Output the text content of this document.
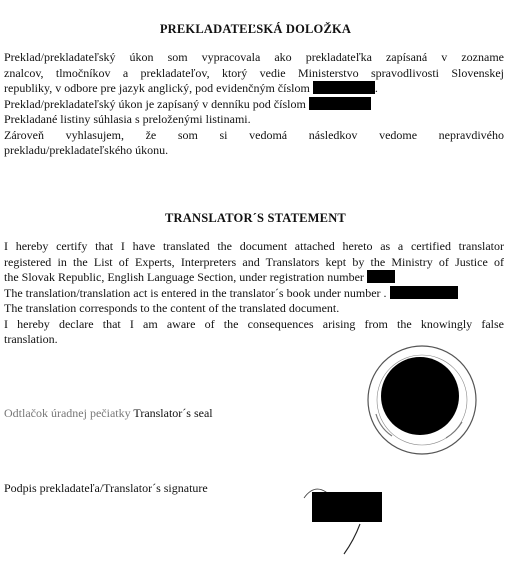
PREKLADATEĽSKÁ DOLOŽKA

Preklad/prekladateľský úkon som vypracovala ako prekladateľka zapísaná v zozname

znalcov, tlmočníkov a prekladateľov, ktorý vedie Ministerstvo spravodlivosti Slovenskej

republiky, v odbore pre jazyk anglický, pod evidenčným číslom	.

Preklad/prekladateľský úkon je zapísaný v denníku pod číslom

Prekladané listiny súhlasia s preloženými listinami.

Zároveň vyhlasujem, že som si vedomá následkov vedome nepravdivého

prekladu/prekladateľského úkonu.

TRANSLATOR´S STATEMENT

I hereby certify that I have translated the document attached hereto as a certified translator

registered in the List of Experts, Interpreters and Translators kept by the Ministry of Justice of

the Slovak Republic, English Language Section, under registration number

The translation/translation act is entered in the translator´s book under number .

The translation corresponds to the content of the translated document.

I hereby declare that I am aware of the consequences arising from the knowingly false

translation.

Odtlačok úradnej pečiatky Translator´s seal
Podpis prekladateľa/Translator´s signature
